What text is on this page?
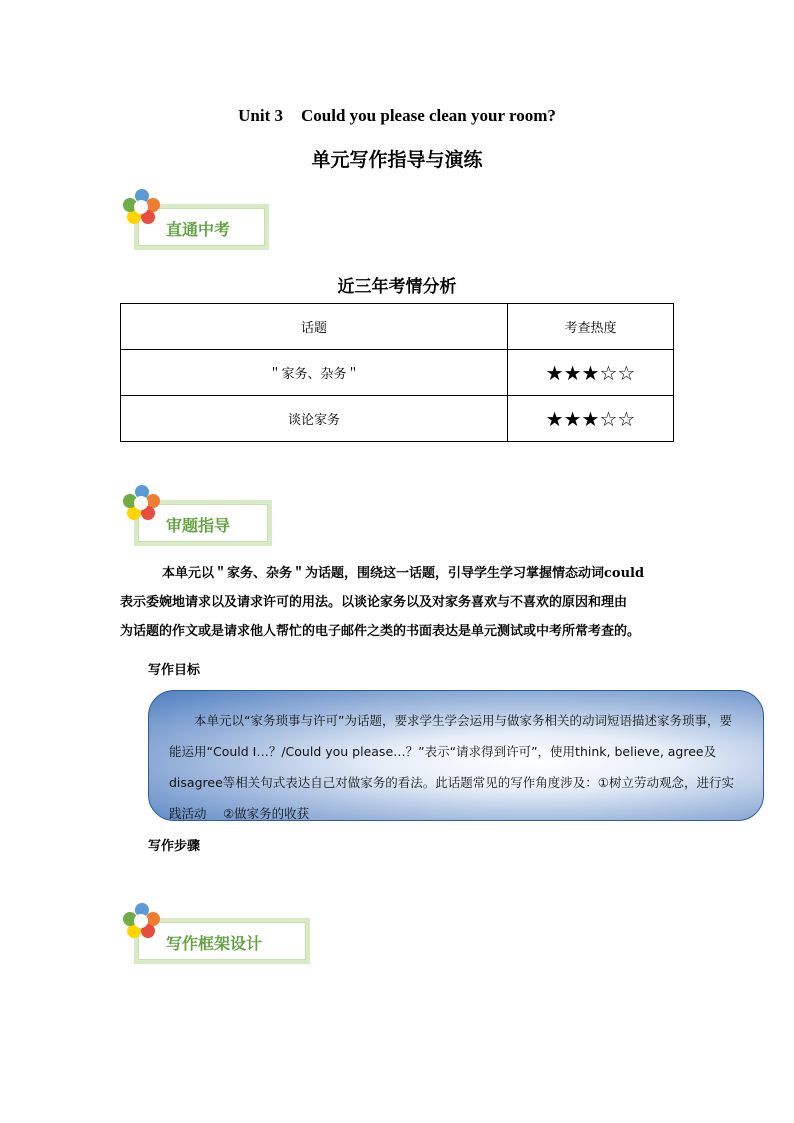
Unit 3 Could you please clean your room?
单元写作指导与演练
直通中考
近三年考情分析
话题	考查热度
＂家务、杂务＂	★★★☆☆
谈论家务	★★★☆☆
审题指导
本单元以＂家务、杂务＂为话题，围绕这一话题，引导学生学习掌握情态动词could
表示委婉地请求以及请求许可的用法。以谈论家务以及对家务喜欢与不喜欢的原因和理由
为话题的作文或是请求他人帮忙的电子邮件之类的书面表达是单元测试或中考所常考查的。
写作目标

本单元以“家务琐事与许可”为话题，要求学生学会运用与做家务相关的动词短语描述家务琐事，要能运用“Could I…？/Could you please…？”表示“请求得到许可”，使用think, believe, agree及 disagree等相关句式表达自己对做家务的看法。此话题常见的写作角度涉及：①树立劳动观念，进行实践活动　 ②做家务的收获

写作步骤
写作框架设计
